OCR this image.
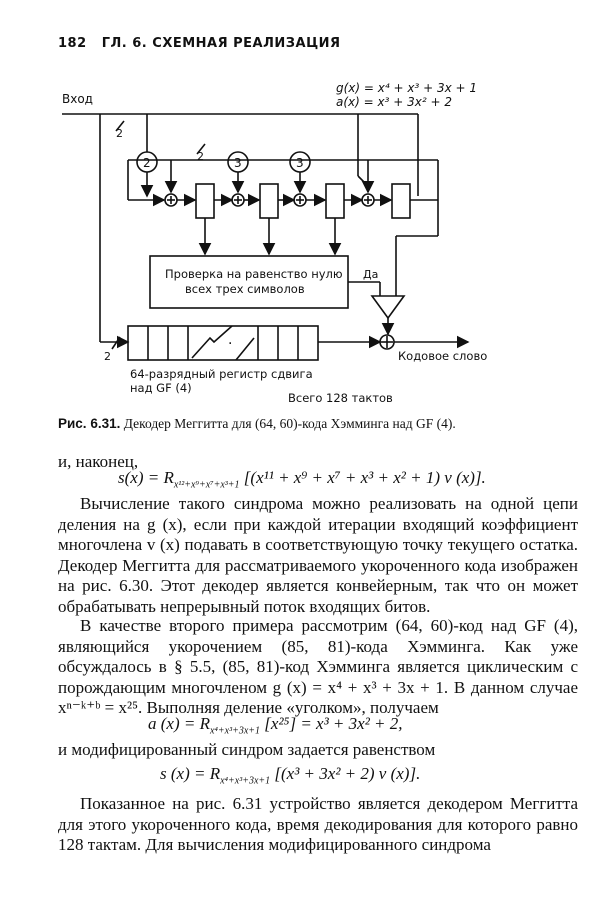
182 ГЛ. 6. СХЕМНАЯ РЕАЛИЗАЦИЯ
Вход
g(x) = x⁴ + x³ + 3x + 1
a(x) = x³ + 3x² + 2
2	3	3
2
2
2
Проверка на равенство нулю
всех трех символов
Да
Кодовое слово
64-разрядный регистр сдвига
над GF (4)
Всего 128 тактов
·
Рис. 6.31. Декодер Меггитта для (64, 60)-кода Хэмминга над GF (4).
и, наконец,
$s(x) = R_{x^{12}+x^9+x^7+x^3+1}$ [(x¹¹ + x⁹ + x⁷ + x³ + x² + 1) v (x)].
Вычисление такого синдрома можно реализовать на одной цепи деления на g (x), если при каждой итерации входящий коэффициент многочлена v (x) подавать в соответствующую точку текущего остатка. Декодер Меггитта для рассматриваемого укороченного кода изображен на рис. 6.30. Этот декодер является конвейерным, так что он может обрабатывать непрерывный поток входящих битов.
В качестве второго примера рассмотрим (64, 60)-код над GF (4), являющийся укорочением (85, 81)-кода Хэмминга. Как уже обсуждалось в § 5.5, (85, 81)-код Хэмминга является циклическим с порождающим многочленом g (x) = x⁴ + x³ + 3x + 1. В данном случае xⁿ⁻ᵏ⁺ᵇ = x²⁵. Выполняя деление «уголком», получаем
a $(x) = R_{x^4+x^3+3x+1}$ [x²⁵] = x³ + 3x² + 2,
и модифицированный синдром задается равенством
s $(x) = R_{x^4+x^3+3x+1}$ [(x³ + 3x² + 2) v (x)].
Показанное на рис. 6.31 устройство является декодером Меггитта для этого укороченного кода, время декодирования для которого равно 128 тактам. Для вычисления модифицированного синдрома
